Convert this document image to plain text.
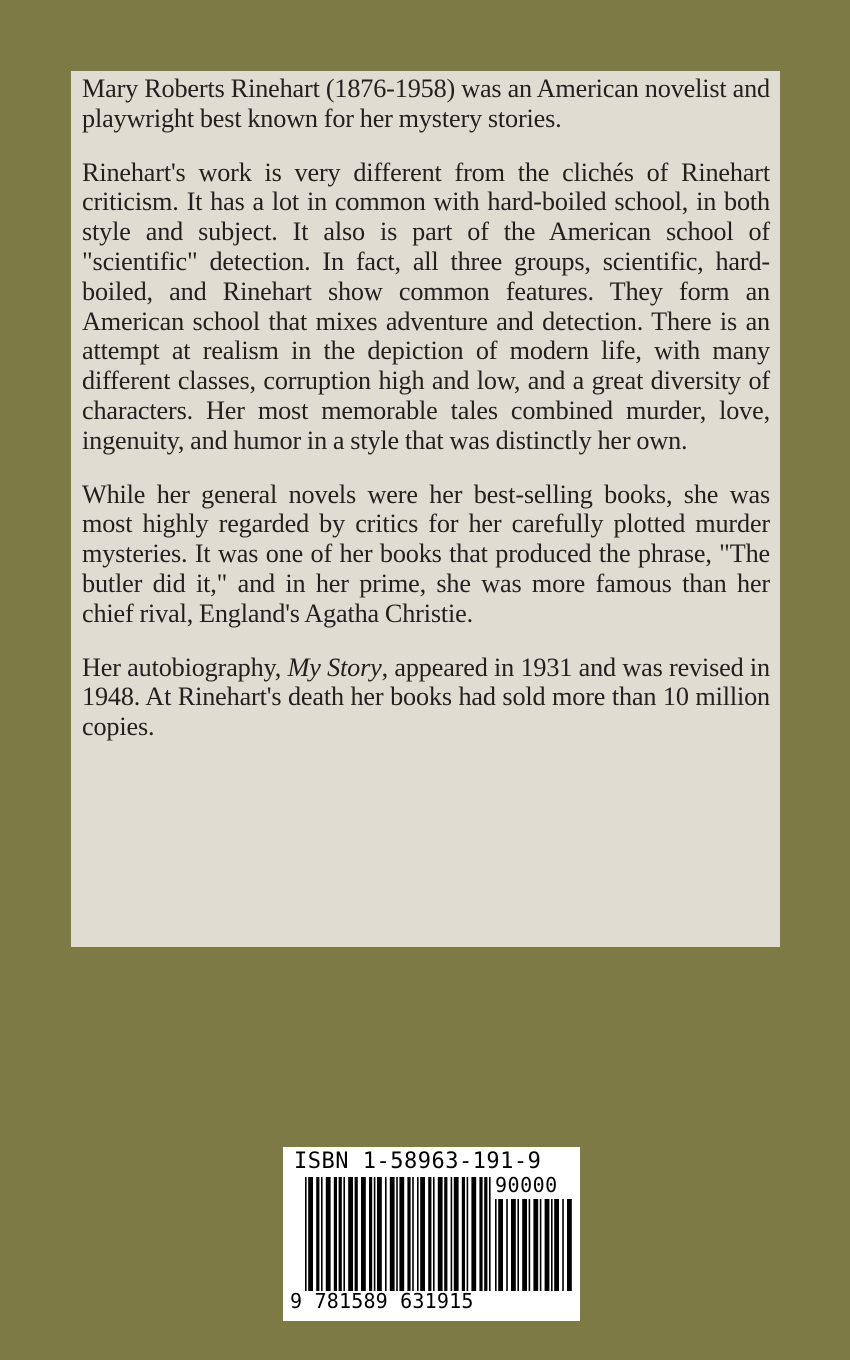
Mary Roberts Rinehart (1876-1958) was an American novelist and playwright best known for her mystery stories.

Rinehart's work is very different from the clichés of Rinehart criticism. It has a lot in common with hard-boiled school, in both style and subject. It also is part of the American school of "scientific" detection. In fact, all three groups, scientific, hard-boiled, and Rinehart show common features. They form an American school that mixes adventure and detection. There is an attempt at realism in the depiction of modern life, with many different classes, corruption high and low, and a great diversity of characters. Her most memorable tales combined murder, love, ingenuity, and humor in a style that was distinctly her own.

While her general novels were her best-selling books, she was most highly regarded by critics for her carefully plotted murder mysteries. It was one of her books that produced the phrase, "The butler did it," and in her prime, she was more famous than her chief rival, England's Agatha Christie.

Her autobiography, My Story, appeared in 1931 and was revised in 1948. At Rinehart's death her books had sold more than 10 million copies.

ISBN 1-58963-191-9
90000
9 781589 631915
